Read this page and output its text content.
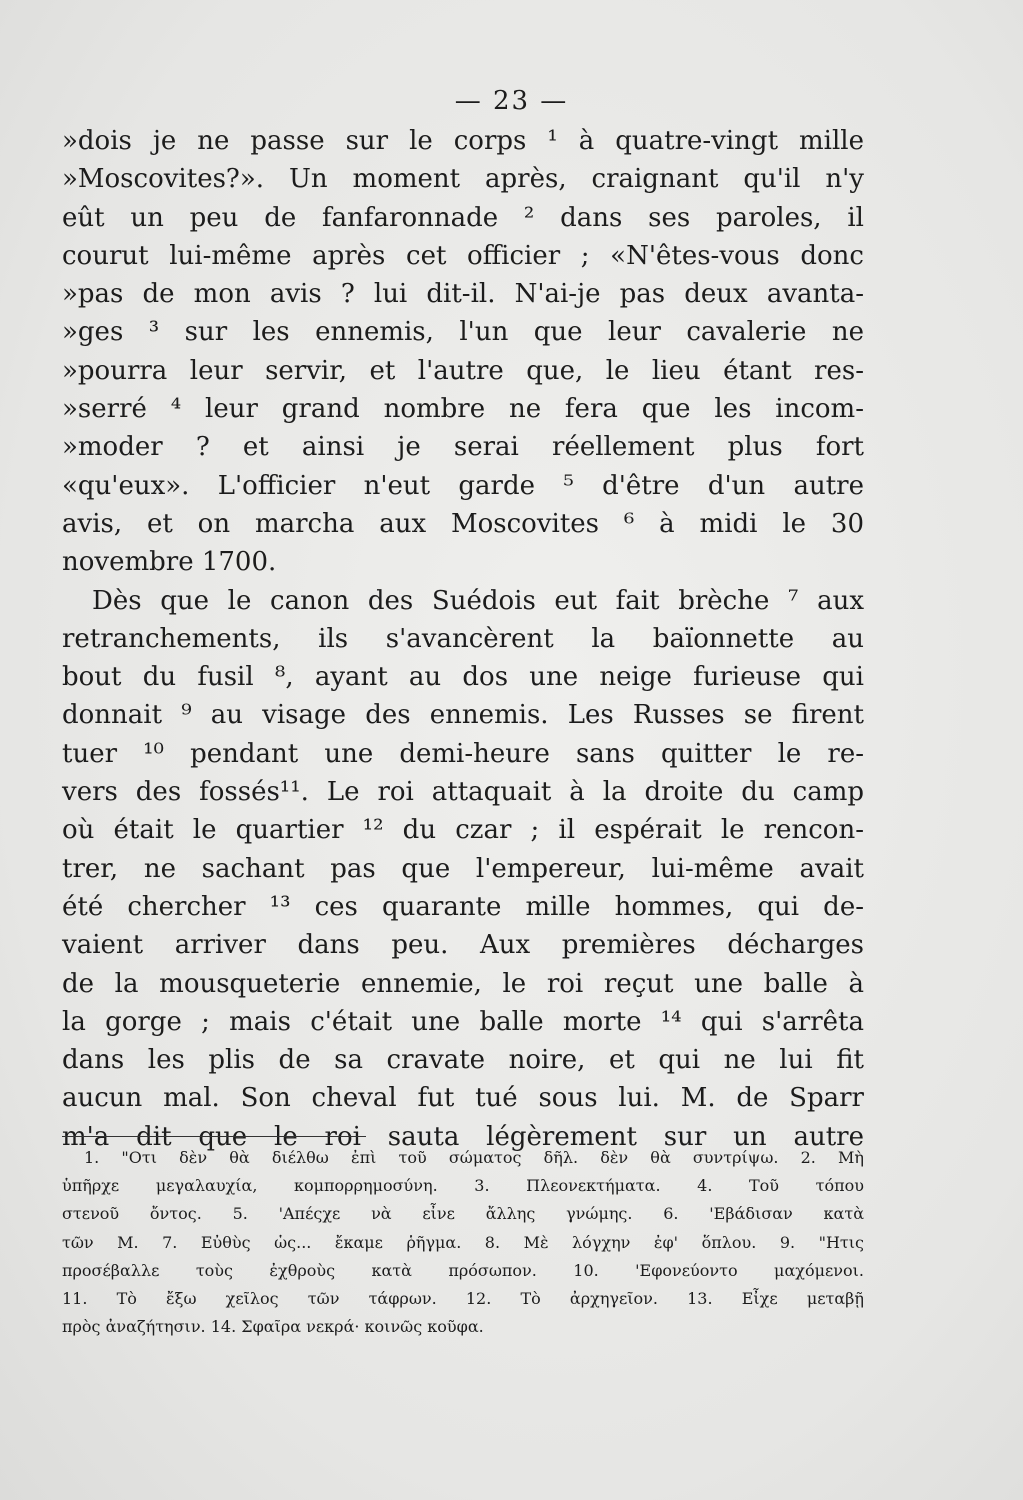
— 23 —
»dois je ne passe sur le corps ¹ à quatre-vingt mille
»Moscovites?». Un moment après, craignant qu'il n'y
eût un peu de fanfaronnade ² dans ses paroles, il
courut lui-même après cet officier ; «N'êtes-vous donc
»pas de mon avis ? lui dit-il. N'ai-je pas deux avanta-
»ges ³ sur les ennemis, l'un que leur cavalerie ne
»pourra leur servir, et l'autre que, le lieu étant res-
»serré ⁴ leur grand nombre ne fera que les incom-
»moder ? et ainsi je serai réellement plus fort
«qu'eux». L'officier n'eut garde ⁵ d'être d'un autre
avis, et on marcha aux Moscovites ⁶ à midi le 30
novembre 1700.
Dès que le canon des Suédois eut fait brèche ⁷ aux
retranchements, ils s'avancèrent la baïonnette au
bout du fusil ⁸, ayant au dos une neige furieuse qui
donnait ⁹ au visage des ennemis. Les Russes se firent
tuer ¹⁰ pendant une demi-heure sans quitter le re-
vers des fossés¹¹. Le roi attaquait à la droite du camp
où était le quartier ¹² du czar ; il espérait le rencon-
trer, ne sachant pas que l'empereur, lui-même avait
été chercher ¹³ ces quarante mille hommes, qui de-
vaient arriver dans peu. Aux premières décharges
de la mousqueterie ennemie, le roi reçut une balle à
la gorge ; mais c'était une balle morte ¹⁴ qui s'arrêta
dans les plis de sa cravate noire, et qui ne lui fit
aucun mal. Son cheval fut tué sous lui. M. de Sparr
m'a dit que le roi sauta légèrement sur un autre
1. "Οτι δὲν θὰ διέλθω ἐπὶ τοῦ σώματος δῆλ. δὲν θὰ συντρίψω. 2. Μὴ
ὑπῆρχε μεγαλαυχία, κομπορρημοσύνη. 3. Πλεονεκτήματα. 4. Τοῦ τόπου
στενοῦ ὄντος. 5. 'Απέςχε νὰ εἶνε ἄλλης γνώμης. 6. 'Εβάδισαν κατὰ
τῶν Μ. 7. Εὐθὺς ὡς... ἔκαμε ῥῆγμα. 8. Μὲ λόγχην ἐφ' ὅπλου. 9. "Ητις
προσέβαλλε τοὺς ἐχθροὺς κατὰ πρόσωπον. 10. 'Εφονεύοντο μαχόμενοι.
11. Τὸ ἔξω χεῖλος τῶν τάφρων. 12. Τὸ ἀρχηγεῖον. 13. Εἶχε μεταβῇ
πρὸς ἀναζήτησιν. 14. Σφαῖρα νεκρά· κοινῶς κοῦφα.
